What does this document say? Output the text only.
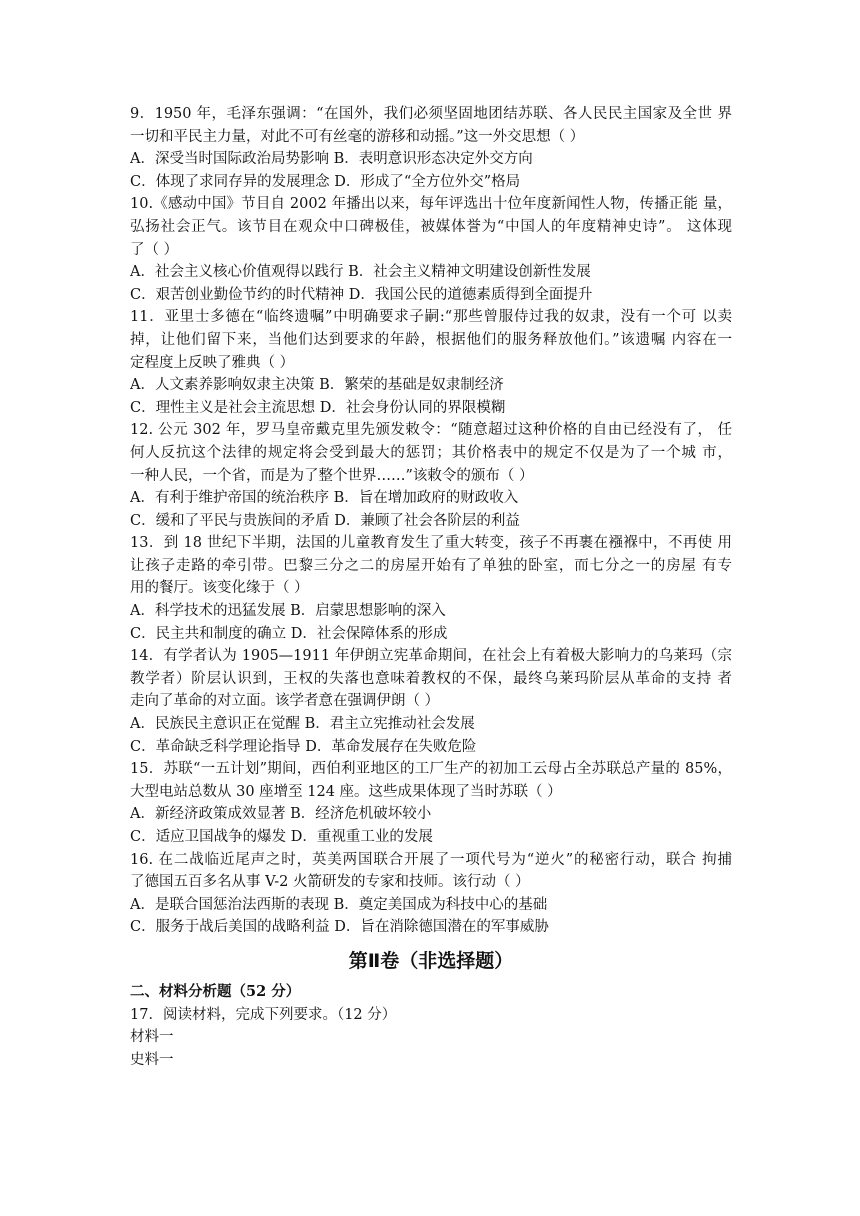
9．1950 年，毛泽东强调：“在国外，我们必须坚固地团结苏联、各人民民主国家及全世 界
一切和平民主力量，对此不可有丝毫的游移和动摇。”这一外交思想（ ）
A．深受当时国际政治局势影响 B．表明意识形态决定外交方向
C．体现了求同存异的发展理念 D．形成了“全方位外交”格局
10.《感动中国》节目自 2002 年播出以来，每年评选出十位年度新闻性人物，传播正能 量，
弘扬社会正气。该节目在观众中口碑极佳，被媒体誉为“中国人的年度精神史诗”。 这体现
了（ ）
A．社会主义核心价值观得以践行 B．社会主义精神文明建设创新性发展
C．艰苦创业勤俭节约的时代精神 D．我国公民的道德素质得到全面提升
11．亚里士多德在“临终遗嘱”中明确要求子嗣:“那些曾服侍过我的奴隶，没有一个可 以卖
掉，让他们留下来，当他们达到要求的年龄，根据他们的服务释放他们。”该遗嘱 内容在一
定程度上反映了雅典（ ）
A．人文素养影响奴隶主决策 B．繁荣的基础是奴隶制经济
C．理性主义是社会主流思想 D．社会身份认同的界限模糊
12. 公元 302 年，罗马皇帝戴克里先颁发敕令：“随意超过这种价格的自由已经没有了， 任
何人反抗这个法律的规定将会受到最大的惩罚；其价格表中的规定不仅是为了一个城 市，
一种人民，一个省，而是为了整个世界……”该敕令的颁布（ ）
A．有利于维护帝国的统治秩序 B．旨在增加政府的财政收入
C．缓和了平民与贵族间的矛盾 D．兼顾了社会各阶层的利益
13．到 18 世纪下半期，法国的儿童教育发生了重大转变，孩子不再裹在襁褓中，不再使 用
让孩子走路的牵引带。巴黎三分之二的房屋开始有了单独的卧室，而七分之一的房屋 有专
用的餐厅。该变化缘于（ ）
A．科学技术的迅猛发展 B．启蒙思想影响的深入
C．民主共和制度的确立 D．社会保障体系的形成
14．有学者认为 1905—1911 年伊朗立宪革命期间，在社会上有着极大影响力的乌莱玛（宗
教学者）阶层认识到，王权的失落也意味着教权的不保，最终乌莱玛阶层从革命的支持 者
走向了革命的对立面。该学者意在强调伊朗（ ）
A．民族民主意识正在觉醒 B．君主立宪推动社会发展
C．革命缺乏科学理论指导 D．革命发展存在失败危险
15．苏联“一五计划”期间，西伯利亚地区的工厂生产的初加工云母占全苏联总产量的 85%，
大型电站总数从 30 座增至 124 座。这些成果体现了当时苏联（ ）
A．新经济政策成效显著 B．经济危机破坏较小
C．适应卫国战争的爆发 D．重视重工业的发展
16. 在二战临近尾声之时，英美两国联合开展了一项代号为“逆火”的秘密行动，联合 拘捕
了德国五百多名从事 V-2 火箭研发的专家和技师。该行动（ ）
A．是联合国惩治法西斯的表现 B．奠定美国成为科技中心的基础
C．服务于战后美国的战略利益 D．旨在消除德国潜在的军事威胁
第Ⅱ卷（非选择题）
二、材料分析题（52 分）
17．阅读材料，完成下列要求。（12 分）
材料一
史料一
